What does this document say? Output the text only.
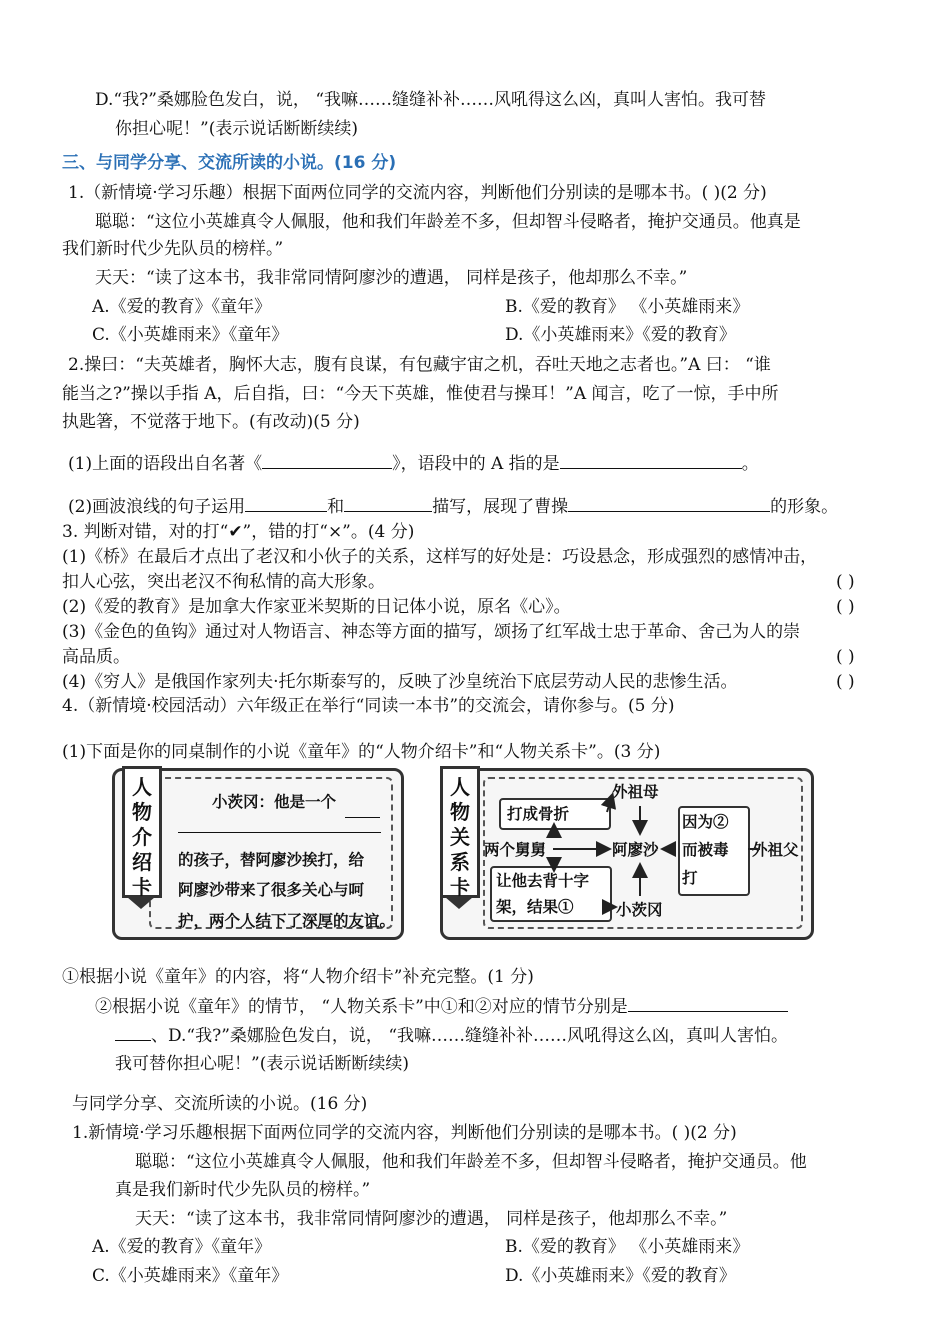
D.“我?”桑娜脸色发白，说， “我嘛……缝缝补补……风吼得这么凶，真叫人害怕。我可替
你担心呢！”(表示说话断断续续)
三、与同学分享、交流所读的小说。(16 分)
1.（新情境·学习乐趣）根据下面两位同学的交流内容，判断他们分别读的是哪本书。( )(2 分)
聪聪：“这位小英雄真令人佩服，他和我们年龄差不多，但却智斗侵略者，掩护交通员。他真是
我们新时代少先队员的榜样。”
天天：“读了这本书，我非常同情阿廖沙的遭遇， 同样是孩子，他却那么不幸。”
A.《爱的教育》《童年》	B.《爱的教育》 《小英雄雨来》
C.《小英雄雨来》《童年》	D.《小英雄雨来》《爱的教育》
2.操曰：“夫英雄者，胸怀大志，腹有良谋，有包藏宇宙之机，吞吐天地之志者也。”A 曰： “谁
能当之?”操以手指 A，后自指，曰：“今天下英雄，惟使君与操耳！”A 闻言，吃了一惊，手中所
执匙箸，不觉落于地下。(有改动)(5 分)
(1)上面的语段出自名著《	》，语段中的 A 指的是	。
(2)画波浪线的句子运用	和	描写，展现了曹操	的形象。
3. 判断对错，对的打“✔”，错的打“×”。(4 分)
(1)《桥》在最后才点出了老汉和小伙子的关系，这样写的好处是：巧设悬念，形成强烈的感情冲击，
扣人心弦，突出老汉不徇私情的高大形象。	( )
(2)《爱的教育》是加拿大作家亚米契斯的日记体小说，原名《心》。	( )
(3)《金色的鱼钩》通过对人物语言、神态等方面的描写，颂扬了红军战士忠于革命、舍己为人的崇
高品质。	( )
(4)《穷人》是俄国作家列夫·托尔斯泰写的，反映了沙皇统治下底层劳动人民的悲惨生活。	( )
4.（新情境·校园活动）六年级正在举行“同读一本书”的交流会，请你参与。(5 分)
(1)下面是你的同桌制作的小说《童年》的“人物介绍卡”和“人物关系卡”。(3 分)
人
物
介
绍
卡
小茨冈：他是一个
的孩子，替阿廖沙挨打，给
阿廖沙带来了很多关心与呵
护，两个人结下了深厚的友谊。
人
物
关
系
卡
打成骨折
外祖母
两个舅舅	阿廖沙
因为②
而被毒
打
外祖父
让他去背十字
架，结果①	小茨冈
①根据小说《童年》的内容，将“人物介绍卡”补充完整。(1 分)
②根据小说《童年》的情节， “人物关系卡”中①和②对应的情节分别是
、D.“我?”桑娜脸色发白，说， “我嘛……缝缝补补……风吼得这么凶，真叫人害怕。
我可替你担心呢！”(表示说话断断续续)
与同学分享、交流所读的小说。(16 分)
1.新情境·学习乐趣根据下面两位同学的交流内容，判断他们分别读的是哪本书。( )(2 分)
聪聪：“这位小英雄真令人佩服，他和我们年龄差不多，但却智斗侵略者，掩护交通员。他
真是我们新时代少先队员的榜样。”
天天：“读了这本书，我非常同情阿廖沙的遭遇， 同样是孩子，他却那么不幸。”
A.《爱的教育》《童年》	B.《爱的教育》 《小英雄雨来》
C.《小英雄雨来》《童年》	D.《小英雄雨来》《爱的教育》
